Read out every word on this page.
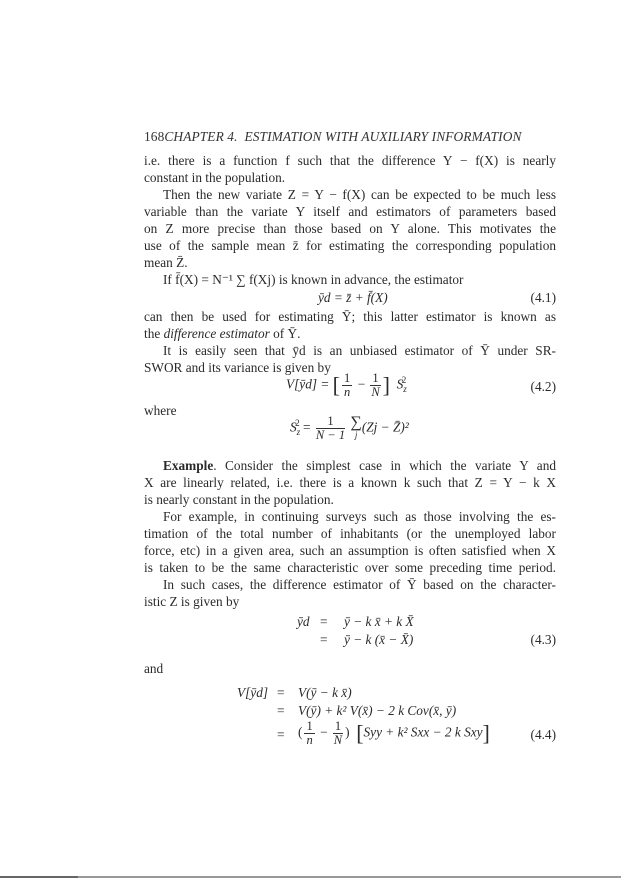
168CHAPTER 4.  ESTIMATION WITH AUXILIARY INFORMATION
i.e. there is a function f such that the difference Y − f(X) is nearly
constant in the population.
Then the new variate Z = Y − f(X) can be expected to be much less
variable than the variate Y itself and estimators of parameters based
on Z more precise than those based on Y alone. This motivates the
use of the sample mean z̄ for estimating the corresponding population
mean Z̄.
If f̄(X) = N⁻¹ ∑ f(Xj) is known in advance, the estimator
ȳd = z̄ + f̄(X)	(4.1)
can then be used for estimating Ȳ; this latter estimator is known as
the difference estimator of Ȳ.
It is easily seen that ȳd is an unbiased estimator of Ȳ under SR-
SWOR and its variance is given by
V[ȳd] = [ $\frac{1}{n} - \frac{1}{N}$ ] $S_z^2$	(4.2)
where
$S_z^2 = \frac{1}{N - 1}$
∑
j (Zj − Z̄)²
Example. Consider the simplest case in which the variate Y and
X are linearly related, i.e. there is a known k such that Z = Y − k X
is nearly constant in the population.
For example, in continuing surveys such as those involving the es-
timation of the total number of inhabitants (or the unemployed labor
force, etc) in a given area, such an assumption is often satisfied when X
is taken to be the same characteristic over some preceding time period.
In such cases, the difference estimator of Ȳ based on the character-
istic Z is given by
ȳd = ȳ − k x̄ + k X̄
= ȳ − k (x̄ − X̄)	(4.3)
and
V[ȳd] = V(ȳ − k x̄)
= V(ȳ) + k² V(x̄) − 2 k Cov(x̄, ȳ)
= ( $\frac{1}{n} - \frac{1}{N}$ ) [Syy + k² Sxx − 2 k Sxy]	(4.4)
